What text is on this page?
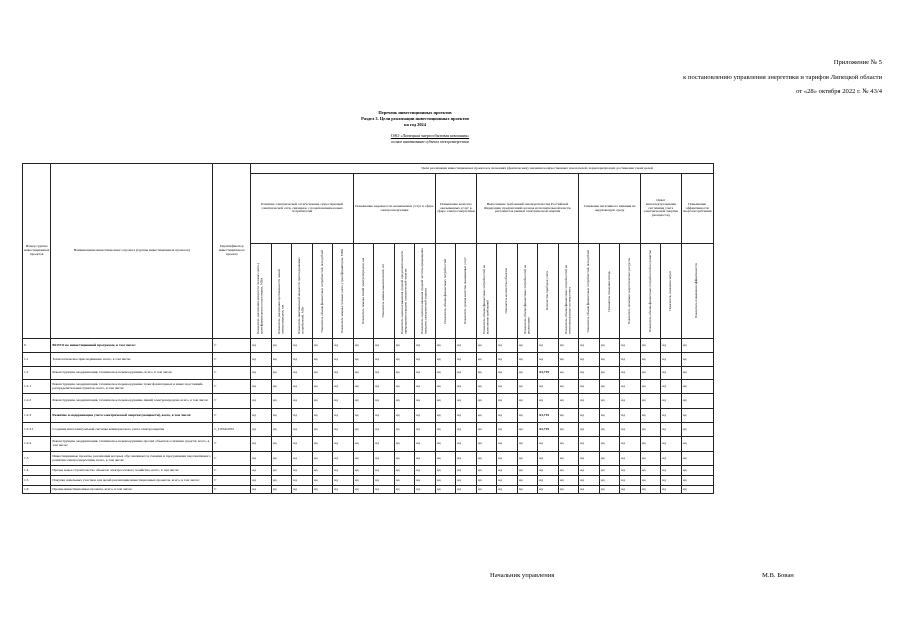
Приложение № 5
к постановлению управления энергетики и тарифов Липецкой области
от «28» октября 2022 г. № 43/4
Перечень инвестиционных проектов
Раздел 3. Цели реализации инвестиционных проектов
на год 2024
ОАО «Липецкая энергосбытовая компания»
полное наименование субъекта электроэнергетики
Номер группы инвестиционных проектов	Наименование инвестиционного проекта (группы инвестиционных проектов)	Идентификатор инвестиционного проекта	Цели реализации инвестиционных проектов в значениях (фактических) значения количественных показателей, характеризующих достижение таких целей																					
			Развитие электрической сети/усиление существующей электрической сети, связанное с подключением новых потребителей					Повышение надежности оказываемых услуг в сфере электроэнергетики				Повышение качества оказываемых услуг в сфере электроэнергетики		Выполнение требований законодательства Российской Федерации, предписаний органов исполнительной власти, регламентов рынков электрической энергии					Снижение негативного влияния на окружающую среду			Охват интеллектуальными системами учета электрической энергии (мощности)		Повышение эффективности энергопотребления

			Показатель увеличения мощности силовых (авто-) трансформаторов на подстанциях, МВА	Показатель увеличения протяженности линий электропередачи, км	Показатель максимальной мощности присоединяемых потребителей, МВт	Показатель объема финансовых потребностей, млн рублей	Показатель замены силовых (авто-) трансформаторов, МВА	Показатель замены линий электропередачи, км	Показатель замены выключателей, шт	Показатель оценки изменения средней продолжительности прекращения передачи электрической энергии	Показатель оценки изменения средней частоты прекращения передачи электрической энергии	Показатель объема финансовых потребностей	Показатель уровня качества оказываемых услуг	Показатель объема финансовых потребностей на выполнение требований	Показатель количества объектов	Показатель объема финансовых потребностей на реализацию	Количество приборов учета	Показатель объема финансовых потребностей на интеллектуальные системы учета	Показатель объема финансовых потребностей, млн рублей	Показатель снижения потерь	Показатель экономии энергетических ресурсов	Показатель объема финансовых потребностей на развитие	Показатель снижения затрат	Показатель повышения эффективности

0	ВСЕГО по инвестиционной программе, в том числе:	Г	нд	нд	нд	нд	нд	нд	нд	нд	нд	нд	нд	нд	нд	нд	нд	нд	нд	нд	нд	нд	нд	нд
1.1	Технологическое присоединение, всего, в том числе:	Г	нд	нд	нд	нд	нд	нд	нд	нд	нд	нд	нд	нд	нд	нд	нд	нд	нд	нд	нд	нд	нд	нд
1.2	Реконструкция, модернизация, техническое перевооружение, всего, в том числе:	Г	нд	нд	нд	нд	нд	нд	нд	нд	нд	нд	нд	нд	нд	нд	63,719	нд	нд	нд	нд	нд	нд	нд
1.2.1	Реконструкция, модернизация, техническое перевооружение трансформаторных и иных подстанций, распределительных пунктов, всего, в том числе:	Г	нд	нд	нд	нд	нд	нд	нд	нд	нд	нд	нд	нд	нд	нд	нд	нд	нд	нд	нд	нд	нд	нд
1.2.2	Реконструкция, модернизация, техническое перевооружение линий электропередачи, всего, в том числе:	Г	нд	нд	нд	нд	нд	нд	нд	нд	нд	нд	нд	нд	нд	нд	нд	нд	нд	нд	нд	нд	нд	нд
1.2.3	Развитие и модернизация учета электрической энергии (мощности), всего, в том числе:	Г	нд	нд	нд	нд	нд	нд	нд	нд	нд	нд	нд	нд	нд	нд	63,719	нд	нд	нд	нд	нд	нд	нд
1.2.3.1	Создание интеллектуальной системы коммерческого учета электроэнергии	L_LESK4702	нд	нд	нд	нд	нд	нд	нд	нд	нд	нд	нд	нд	нд	нд	63,719	нд	нд	нд	нд	нд	нд	нд
1.2.4	Реконструкция, модернизация, техническое перевооружение прочих объектов основных средств, всего, в том числе:	Г	нд	нд	нд	нд	нд	нд	нд	нд	нд	нд	нд	нд	нд	нд	нд	нд	нд	нд	нд	нд	нд	нд
1.3	Инвестиционные проекты, реализация которых обуславливается схемами и программами перспективного развития электроэнергетики, всего, в том числе:	Г	нд	нд	нд	нд	нд	нд	нд	нд	нд	нд	нд	нд	нд	нд	нд	нд	нд	нд	нд	нд	нд	нд
1.4	Прочее новое строительство объектов электросетевого хозяйства, всего, в том числе:	Г	нд	нд	нд	нд	нд	нд	нд	нд	нд	нд	нд	нд	нд	нд	нд	нд	нд	нд	нд	нд	нд	нд
1.5	Покупка земельных участков для целей реализации инвестиционных проектов, всего, в том числе:	Г	нд	нд	нд	нд	нд	нд	нд	нд	нд	нд	нд	нд	нд	нд	нд	нд	нд	нд	нд	нд	нд	нд
1.6	Прочие инвестиционные проекты, всего, в том числе:	Г	нд	нд	нд	нд	нд	нд	нд	нд	нд	нд	нд	нд	нд	нд	нд	нд	нд	нд	нд	нд	нд	нд
Начальник управления	М.В. Бован
